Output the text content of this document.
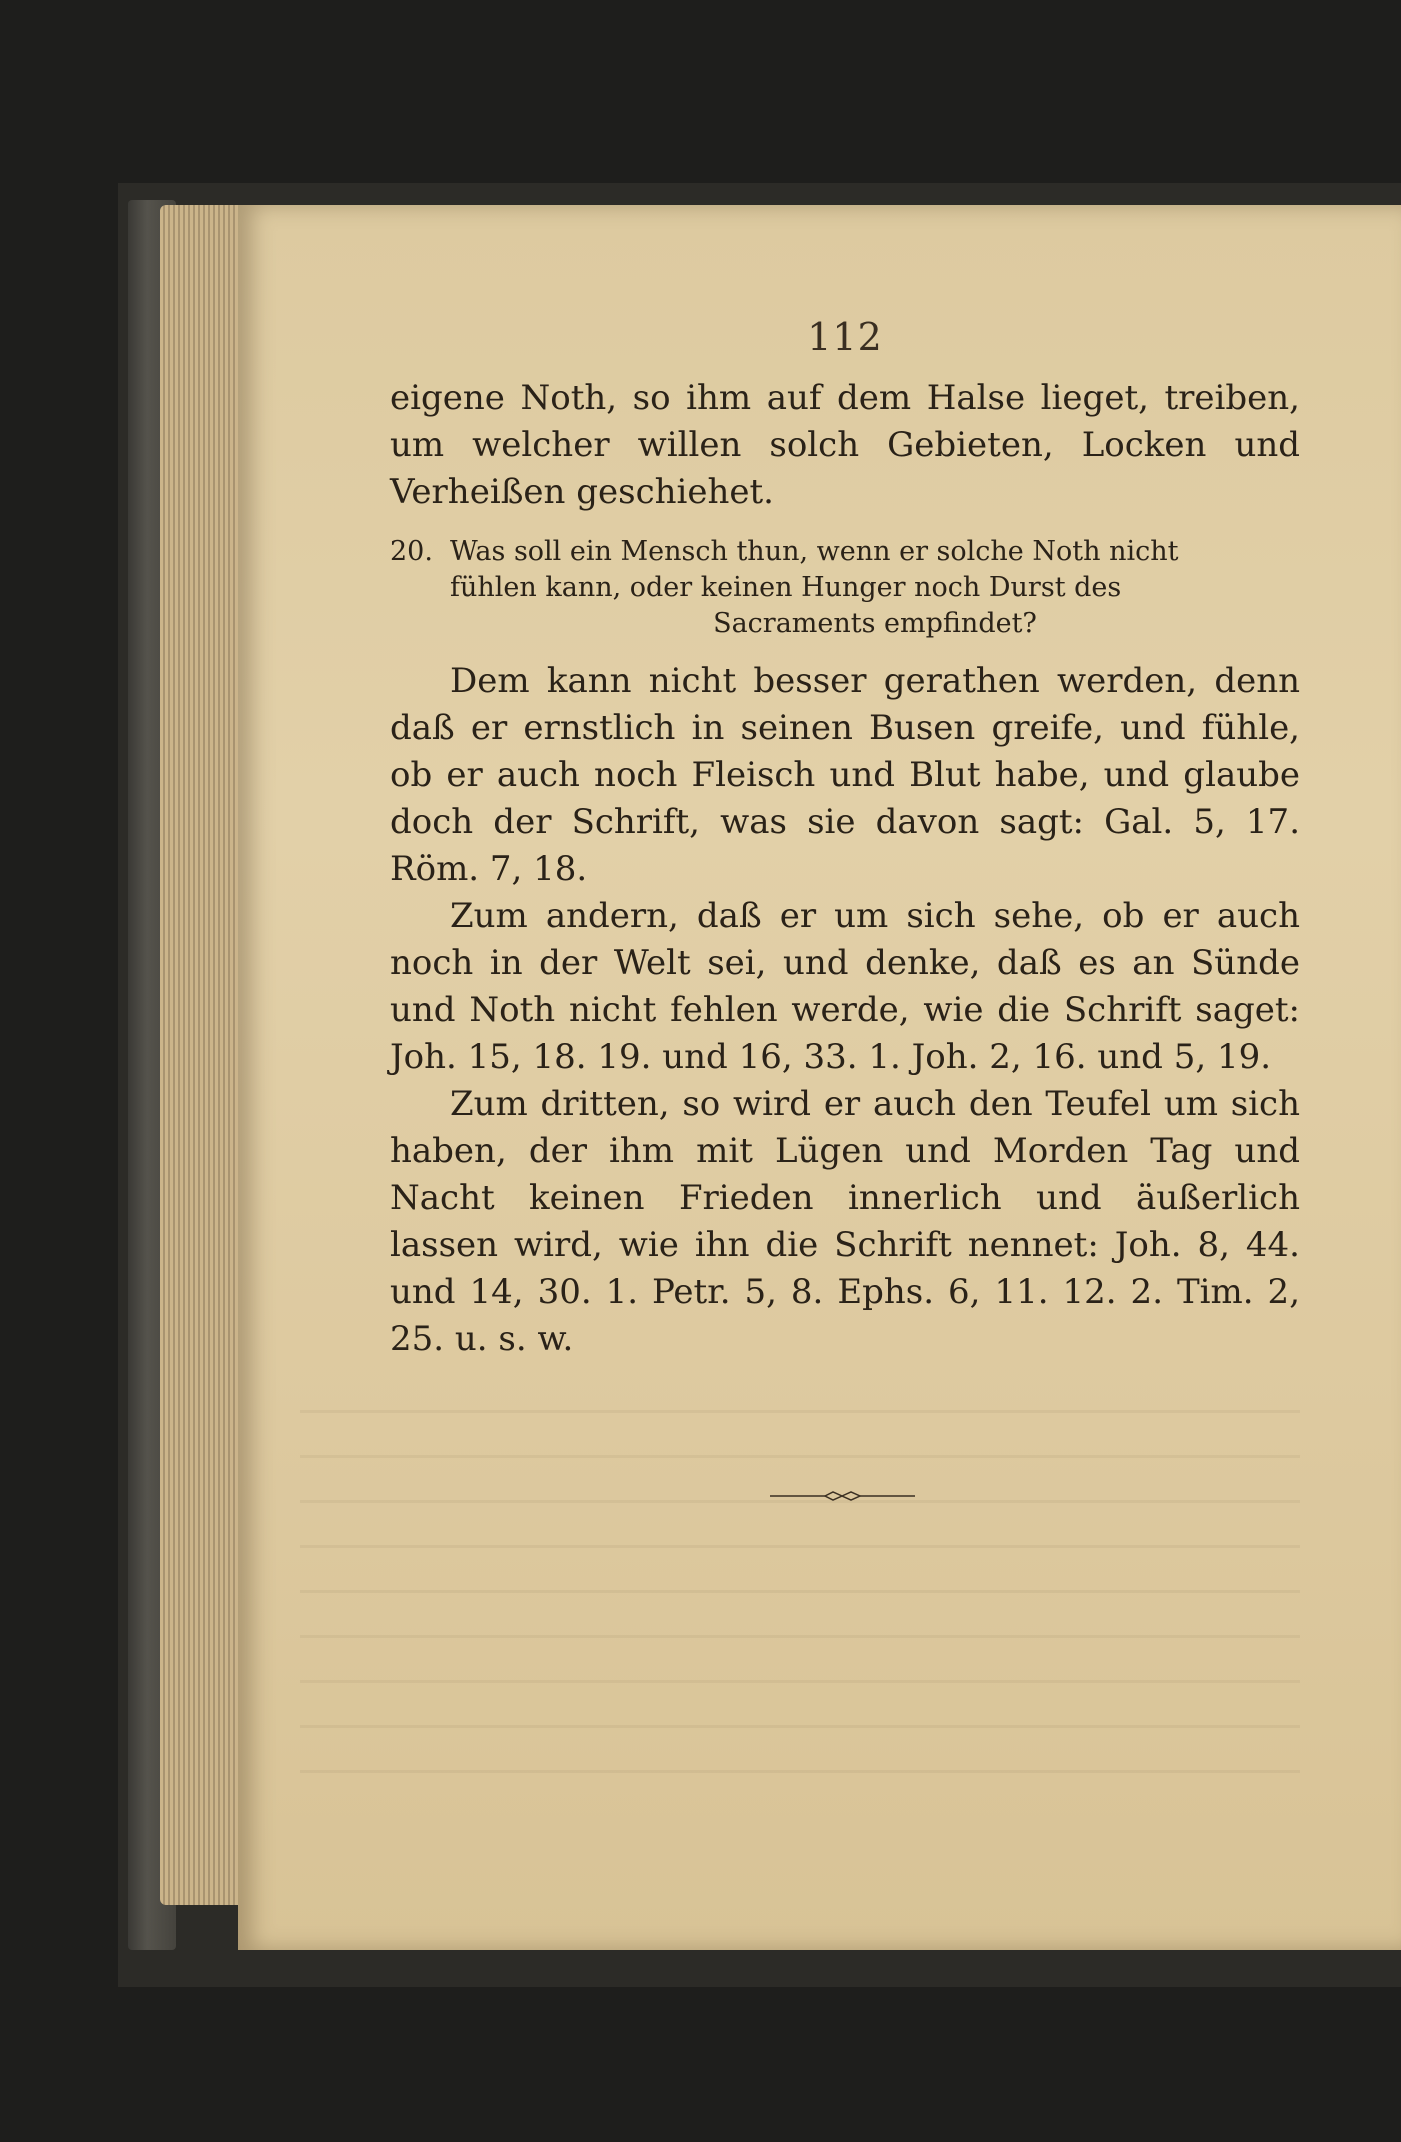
112

eigene Noth, so ihm auf dem Halse lieget, treiben, um welcher willen solch Gebieten, Locken und Verheißen geschiehet.

20. Was soll ein Mensch thun, wenn er solche Noth nicht
fühlen kann, oder keinen Hunger noch Durst des
Sacraments empfindet?

Dem kann nicht besser gerathen werden, denn daß er ernstlich in seinen Busen greife, und fühle, ob er auch noch Fleisch und Blut habe, und glaube doch der Schrift, was sie davon sagt: Gal. 5, 17. Röm. 7, 18.

Zum andern, daß er um sich sehe, ob er auch noch in der Welt sei, und denke, daß es an Sünde und Noth nicht fehlen werde, wie die Schrift saget: Joh. 15, 18. 19. und 16, 33. 1. Joh. 2, 16. und 5, 19.

Zum dritten, so wird er auch den Teufel um sich haben, der ihm mit Lügen und Morden Tag und Nacht keinen Frieden innerlich und äußerlich lassen wird, wie ihn die Schrift nennet: Joh. 8, 44. und 14, 30. 1. Petr. 5, 8. Ephs. 6, 11. 12. 2. Tim. 2, 25. u. s. w.
